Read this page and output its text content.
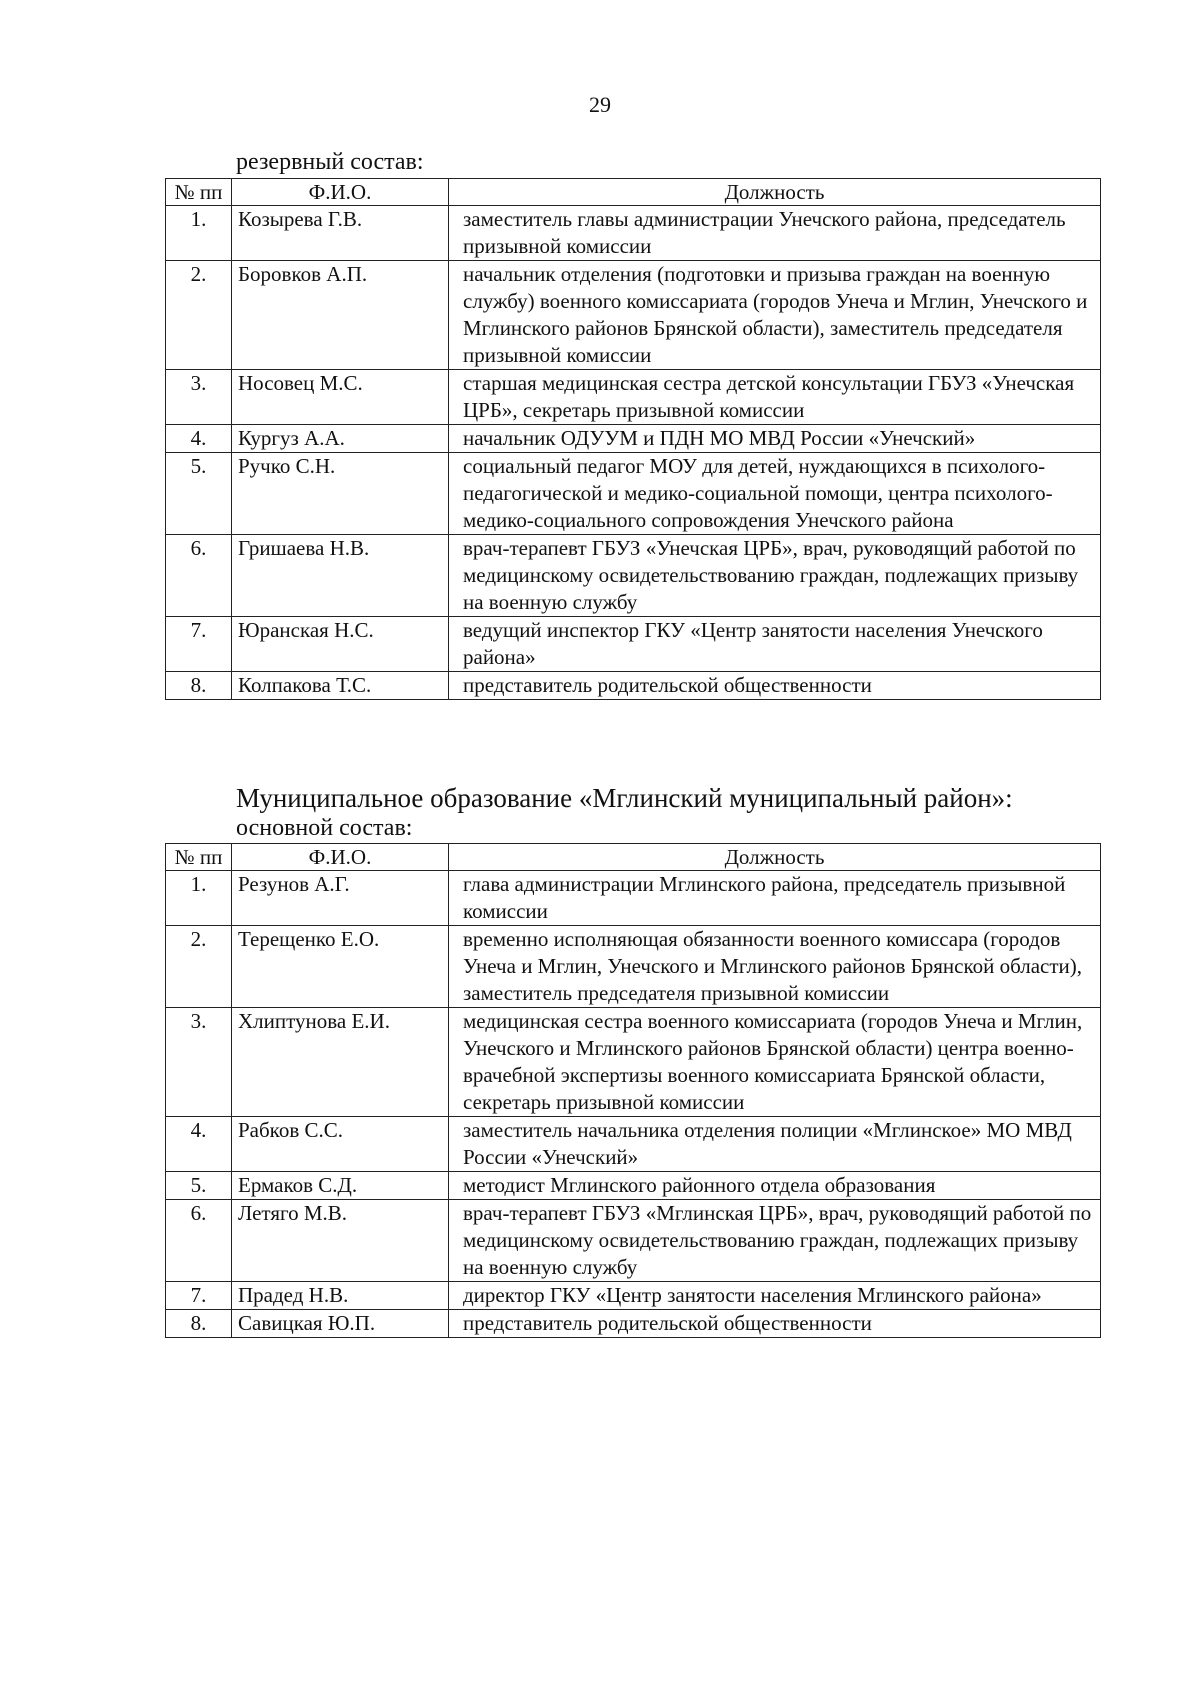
29
резервный состав:
№ пп	Ф.И.О.	Должность
1.	Козырева Г.В.	заместитель главы администрации Унечского района, председатель призывной комиссии
2.	Боровков А.П.	начальник отделения (подготовки и призыва граждан на военную службу) военного комиссариата (городов Унеча и Мглин, Унечского и Мглинского районов Брянской области), заместитель председателя призывной комиссии
3.	Носовец М.С.	старшая медицинская сестра детской консультации ГБУЗ «Унечская ЦРБ», секретарь призывной комиссии
4.	Кургуз А.А.	начальник ОДУУМ и ПДН МО МВД России «Унечский»
5.	Ручко С.Н.	социальный педагог МОУ для детей, нуждающихся в психолого-педагогической и медико-социальной помощи, центра психолого-медико-социального сопровождения Унечского района
6.	Гришаева Н.В.	врач-терапевт ГБУЗ «Унечская ЦРБ», врач, руководящий работой по медицинскому освидетельствованию граждан, подлежащих призыву на военную службу
7.	Юранская Н.С.	ведущий инспектор ГКУ «Центр занятости населения Унечского района»
8.	Колпакова Т.С.	представитель родительской общественности
Муниципальное образование «Мглинский муниципальный район»:
основной состав:
№ пп	Ф.И.О.	Должность
1.	Резунов А.Г.	глава администрации Мглинского района, председатель призывной комиссии
2.	Терещенко Е.О.	временно исполняющая обязанности военного комиссара (городов Унеча и Мглин, Унечского и Мглинского районов Брянской области), заместитель председателя призывной комиссии
3.	Хлиптунова Е.И.	медицинская сестра военного комиссариата (городов Унеча и Мглин, Унечского и Мглинского районов Брянской области) центра военно-врачебной экспертизы военного комиссариата Брянской области, секретарь призывной комиссии
4.	Рабков С.С.	заместитель начальника отделения полиции «Мглинское» МО МВД России «Унечский»
5.	Ермаков С.Д.	методист Мглинского районного отдела образования
6.	Летяго М.В.	врач-терапевт ГБУЗ «Мглинская ЦРБ», врач, руководящий работой по медицинскому освидетельствованию граждан, подлежащих призыву на военную службу
7.	Прадед Н.В.	директор ГКУ «Центр занятости населения Мглинского района»
8.	Савицкая Ю.П.	представитель родительской общественности
